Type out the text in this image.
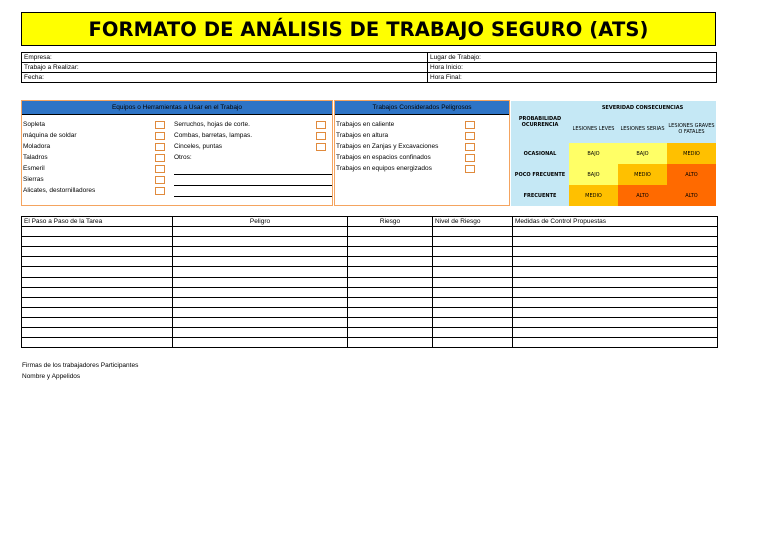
FORMATO DE ANÁLISIS DE TRABAJO SEGURO (ATS)
Empresa:	Lugar de Trabajo:
Trabajo a Realizar:	Hora Inicio:
Fecha:	Hora Final:
Equipos o Herramientas a Usar en el Trabajo
Sopleta
máquina de soldar
Moladora
Taladros
Esmeril
Sierras
Alicates, destornilladores
Serruchos, hojas de corte.
Combas, barretas, lampas.
Cinceles, puntas
Otros:
Trabajos Considerados Peligrosos
Trabajos en caliente
Trabajos en altura
Trabajos en Zanjas y Excavaciones
Trabajos en espacios confinados
Trabajos en equipos energizados
PROBABILIDAD OCURRENCIA	SEVERIDAD CONSECUENCIAS		
	LESIONES LEVES	LESIONES SERIAS	LESIONES GRAVES O FATALES
OCASIONAL	BAJO	BAJO	MEDIO
POCO FRECUENTE	BAJO	MEDIO	ALTO
FRECUENTE	MEDIO	ALTO	ALTO
El Paso a Paso de la Tarea	Peligro	Riesgo	Nivel de Riesgo	Medidas de Control Propuestas

Firmas de los trabajadores Participantes
Nombre y Appelidos
